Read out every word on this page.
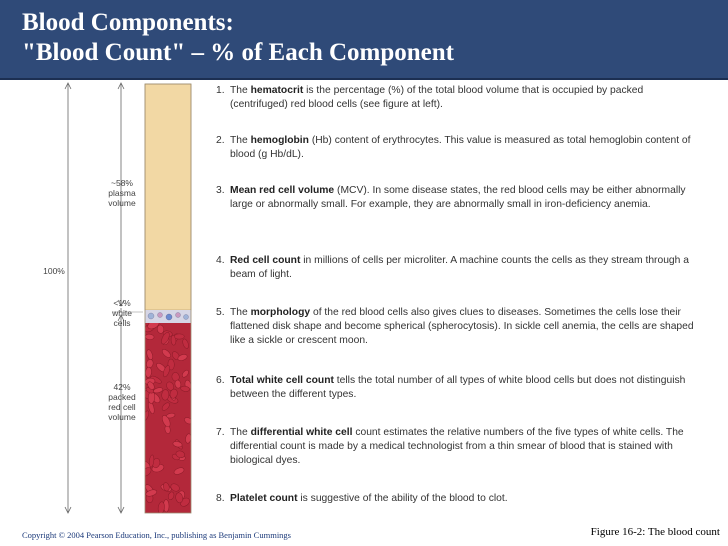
Blood Components:
"Blood Count" – % of Each Component
100%
~58%
plasma
volume
<1%
white
cells
42%
packed
red cell
volume
1. The hematocrit is the percentage (%) of the total blood volume that is occupied by packed (centrifuged) red blood cells (see figure at left).
2. The hemoglobin (Hb) content of erythrocytes. This value is measured as total hemoglobin content of blood (g Hb/dL).
3. Mean red cell volume (MCV). In some disease states, the red blood cells may be either abnormally large or abnormally small. For example, they are abnormally small in iron-deficiency anemia.
4. Red cell count in millions of cells per microliter. A machine counts the cells as they stream through a beam of light.
5. The morphology of the red blood cells also gives clues to diseases. Sometimes the cells lose their flattened disk shape and become spherical (spherocytosis). In sickle cell anemia, the cells are shaped like a sickle or crescent moon.
6. Total white cell count tells the total number of all types of white blood cells but does not distinguish between the different types.
7. The differential white cell count estimates the relative numbers of the five types of white cells. The differential count is made by a medical technologist from a thin smear of blood that is stained with biological dyes.
8. Platelet count is suggestive of the ability of the blood to clot.
Copyright © 2004 Pearson Education, Inc., publishing as Benjamin Cummings	Figure 16-2: The blood count
